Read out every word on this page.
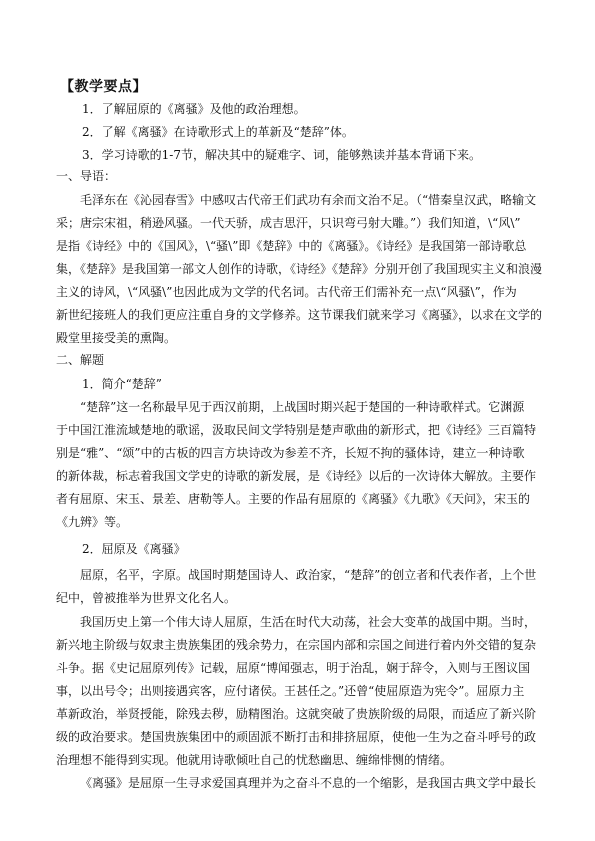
【教学要点】
1．了解屈原的《离骚》及他的政治理想。
2．了解《离骚》在诗歌形式上的革新及“楚辞”体。
3．学习诗歌的1-7节，解决其中的疑难字、词，能够熟读并基本背诵下来。
一、导语：
毛泽东在《沁园春雪》中感叹古代帝王们武功有余而文治不足。（“惜秦皇汉武，略输文
采；唐宗宋祖，稍逊风骚。一代天骄，成吉思汗，只识弯弓射大雕。”）我们知道，\“风\”
是指《诗经》中的《国风》，\“骚\”即《楚辞》中的《离骚》。《诗经》是我国第一部诗歌总
集，《楚辞》是我国第一部文人创作的诗歌，《诗经》《楚辞》分别开创了我国现实主义和浪漫
主义的诗风，\“风骚\”也因此成为文学的代名词。古代帝王们需补充一点\“风骚\”，作为
新世纪接班人的我们更应注重自身的文学修养。这节课我们就来学习《离骚》，以求在文学的
殿堂里接受美的熏陶。
二、解题
1．简介“楚辞”
“楚辞”这一名称最早见于西汉前期，上战国时期兴起于楚国的一种诗歌样式。它渊源
于中国江淮流域楚地的歌谣，汲取民间文学特别是楚声歌曲的新形式，把《诗经》三百篇特
别是“雅”、“颂”中的古板的四言方块诗改为参差不齐，长短不拘的骚体诗，建立一种诗歌
的新体裁，标志着我国文学史的诗歌的新发展，是《诗经》以后的一次诗体大解放。主要作
者有屈原、宋玉、景差、唐勒等人。主要的作品有屈原的《离骚》《九歌》《天问》，宋玉的
《九辨》等。
2．屈原及《离骚》
屈原，名平，字原。战国时期楚国诗人、政治家，“楚辞”的创立者和代表作者，上个世
纪中，曾被推举为世界文化名人。
我国历史上第一个伟大诗人屈原，生活在时代大动荡，社会大变革的战国中期。当时，
新兴地主阶级与奴隶主贵族集团的残余势力，在宗国内部和宗国之间进行着内外交错的复杂
斗争。据《史记屈原列传》记载，屈原“博闻强志，明于治乱，娴于辞令，入则与王图议国
事，以出号令；出则接遇宾客，应付诸侯。王甚任之。”还曾“使屈原造为宪令”。屈原力主
革新政治，举贤授能，除残去秽，励精图治。这就突破了贵族阶级的局限，而适应了新兴阶
级的政治要求。楚国贵族集团中的顽固派不断打击和排挤屈原，使他一生为之奋斗呼号的政
治理想不能得到实现。他就用诗歌倾吐自己的忧愁幽思、缠绵悱恻的情绪。
《离骚》是屈原一生寻求爱国真理并为之奋斗不息的一个缩影，是我国古典文学中最长
